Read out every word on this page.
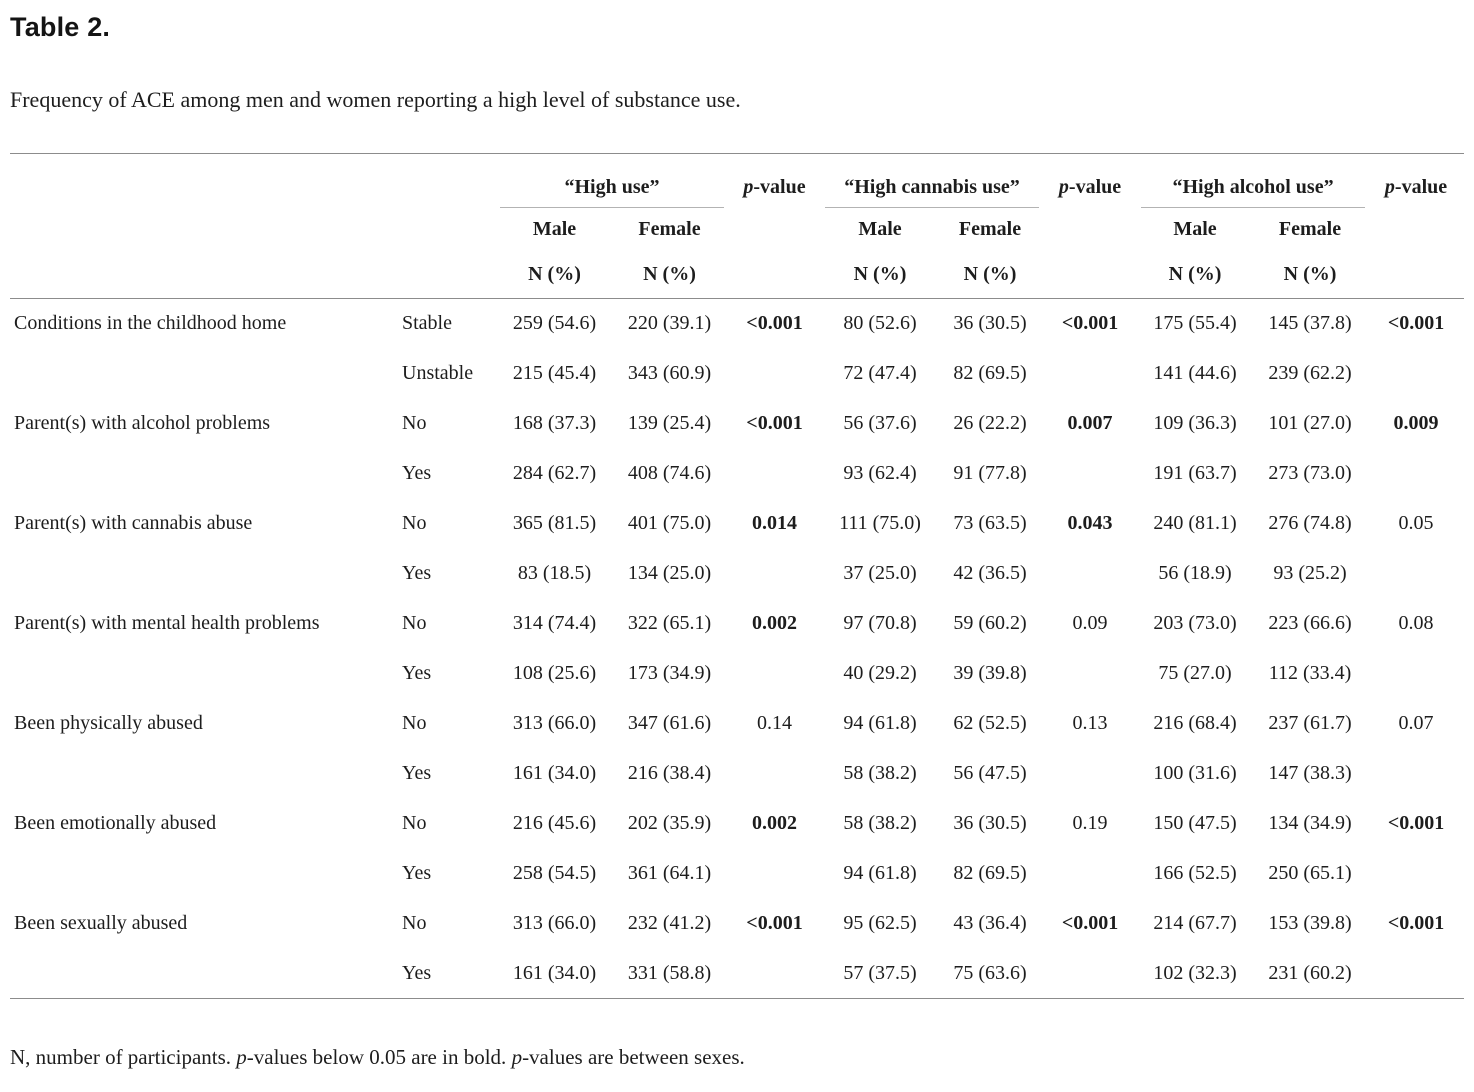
Table 2.

Frequency of ACE among men and women reporting a high level of substance use.

		“High use”		p-value	“High cannabis use”		p-value	“High alcohol use”		p-value
		Male	Female		Male	Female		Male	Female	
		N (%)	N (%)		N (%)	N (%)		N (%)	N (%)	
Conditions in the childhood home	Stable	259 (54.6)	220 (39.1)	<0.001	80 (52.6)	36 (30.5)	<0.001	175 (55.4)	145 (37.8)	<0.001
	Unstable	215 (45.4)	343 (60.9)		72 (47.4)	82 (69.5)		141 (44.6)	239 (62.2)	
Parent(s) with alcohol problems	No	168 (37.3)	139 (25.4)	<0.001	56 (37.6)	26 (22.2)	0.007	109 (36.3)	101 (27.0)	0.009
	Yes	284 (62.7)	408 (74.6)		93 (62.4)	91 (77.8)		191 (63.7)	273 (73.0)	
Parent(s) with cannabis abuse	No	365 (81.5)	401 (75.0)	0.014	111 (75.0)	73 (63.5)	0.043	240 (81.1)	276 (74.8)	0.05
	Yes	83 (18.5)	134 (25.0)		37 (25.0)	42 (36.5)		56 (18.9)	93 (25.2)	
Parent(s) with mental health problems	No	314 (74.4)	322 (65.1)	0.002	97 (70.8)	59 (60.2)	0.09	203 (73.0)	223 (66.6)	0.08
	Yes	108 (25.6)	173 (34.9)		40 (29.2)	39 (39.8)		75 (27.0)	112 (33.4)	
Been physically abused	No	313 (66.0)	347 (61.6)	0.14	94 (61.8)	62 (52.5)	0.13	216 (68.4)	237 (61.7)	0.07
	Yes	161 (34.0)	216 (38.4)		58 (38.2)	56 (47.5)		100 (31.6)	147 (38.3)	
Been emotionally abused	No	216 (45.6)	202 (35.9)	0.002	58 (38.2)	36 (30.5)	0.19	150 (47.5)	134 (34.9)	<0.001
	Yes	258 (54.5)	361 (64.1)		94 (61.8)	82 (69.5)		166 (52.5)	250 (65.1)	
Been sexually abused	No	313 (66.0)	232 (41.2)	<0.001	95 (62.5)	43 (36.4)	<0.001	214 (67.7)	153 (39.8)	<0.001
	Yes	161 (34.0)	331 (58.8)		57 (37.5)	75 (63.6)		102 (32.3)	231 (60.2)	

N, number of participants. p-values below 0.05 are in bold. p-values are between sexes.
